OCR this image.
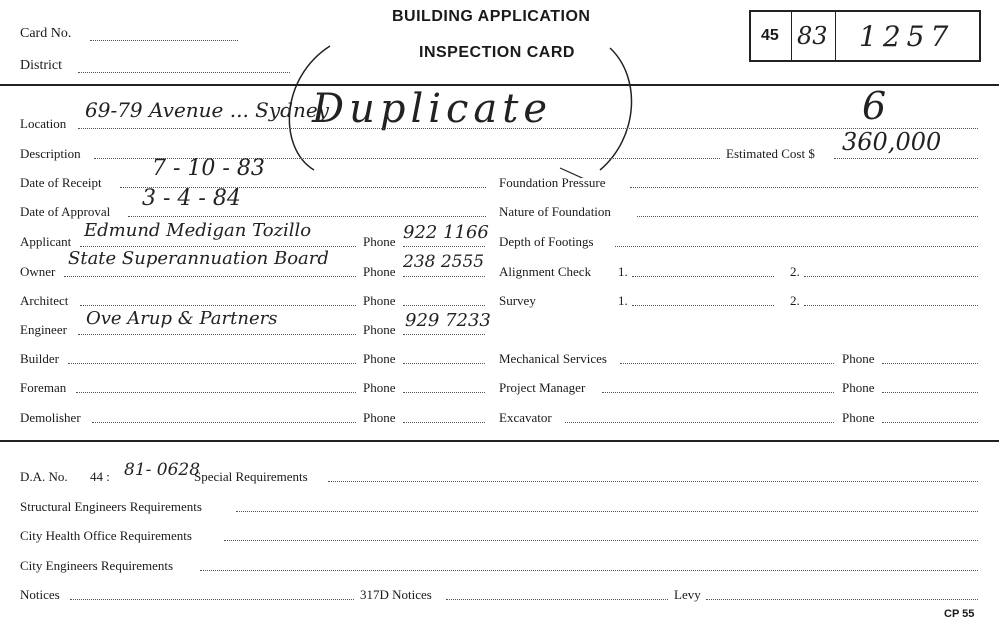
Card No.
District
BUILDING APPLICATION
INSPECTION CARD
45 83 1257
Duplicate
Location
69-79 Avenue ... Sydney	6
Description	Estimated Cost $ 360,000
Date of Receipt
7 - 10 - 83
Date of Approval
3 - 4 - 84
Applicant
Edmund Medigan Tozillo
Phone 922 1166
Owner
State Superannuation Board
Phone 238 2555
Architect	Phone
Engineer
Ove Arup & Partners
Phone 929 7233
Builder	Phone
Foreman	Phone
Demolisher	Phone
Foundation Pressure
Nature of Foundation
Depth of Footings
Alignment Check 1.	2.
Survey	1.	2.
Mechanical Services	Phone
Project Manager	Phone
Excavator	Phone
D.A. No. 44 : 81- 0628
Special Requirements
Structural Engineers Requirements
City Health Office Requirements
City Engineers Requirements
Notices	317D Notices	Levy
CP 55
